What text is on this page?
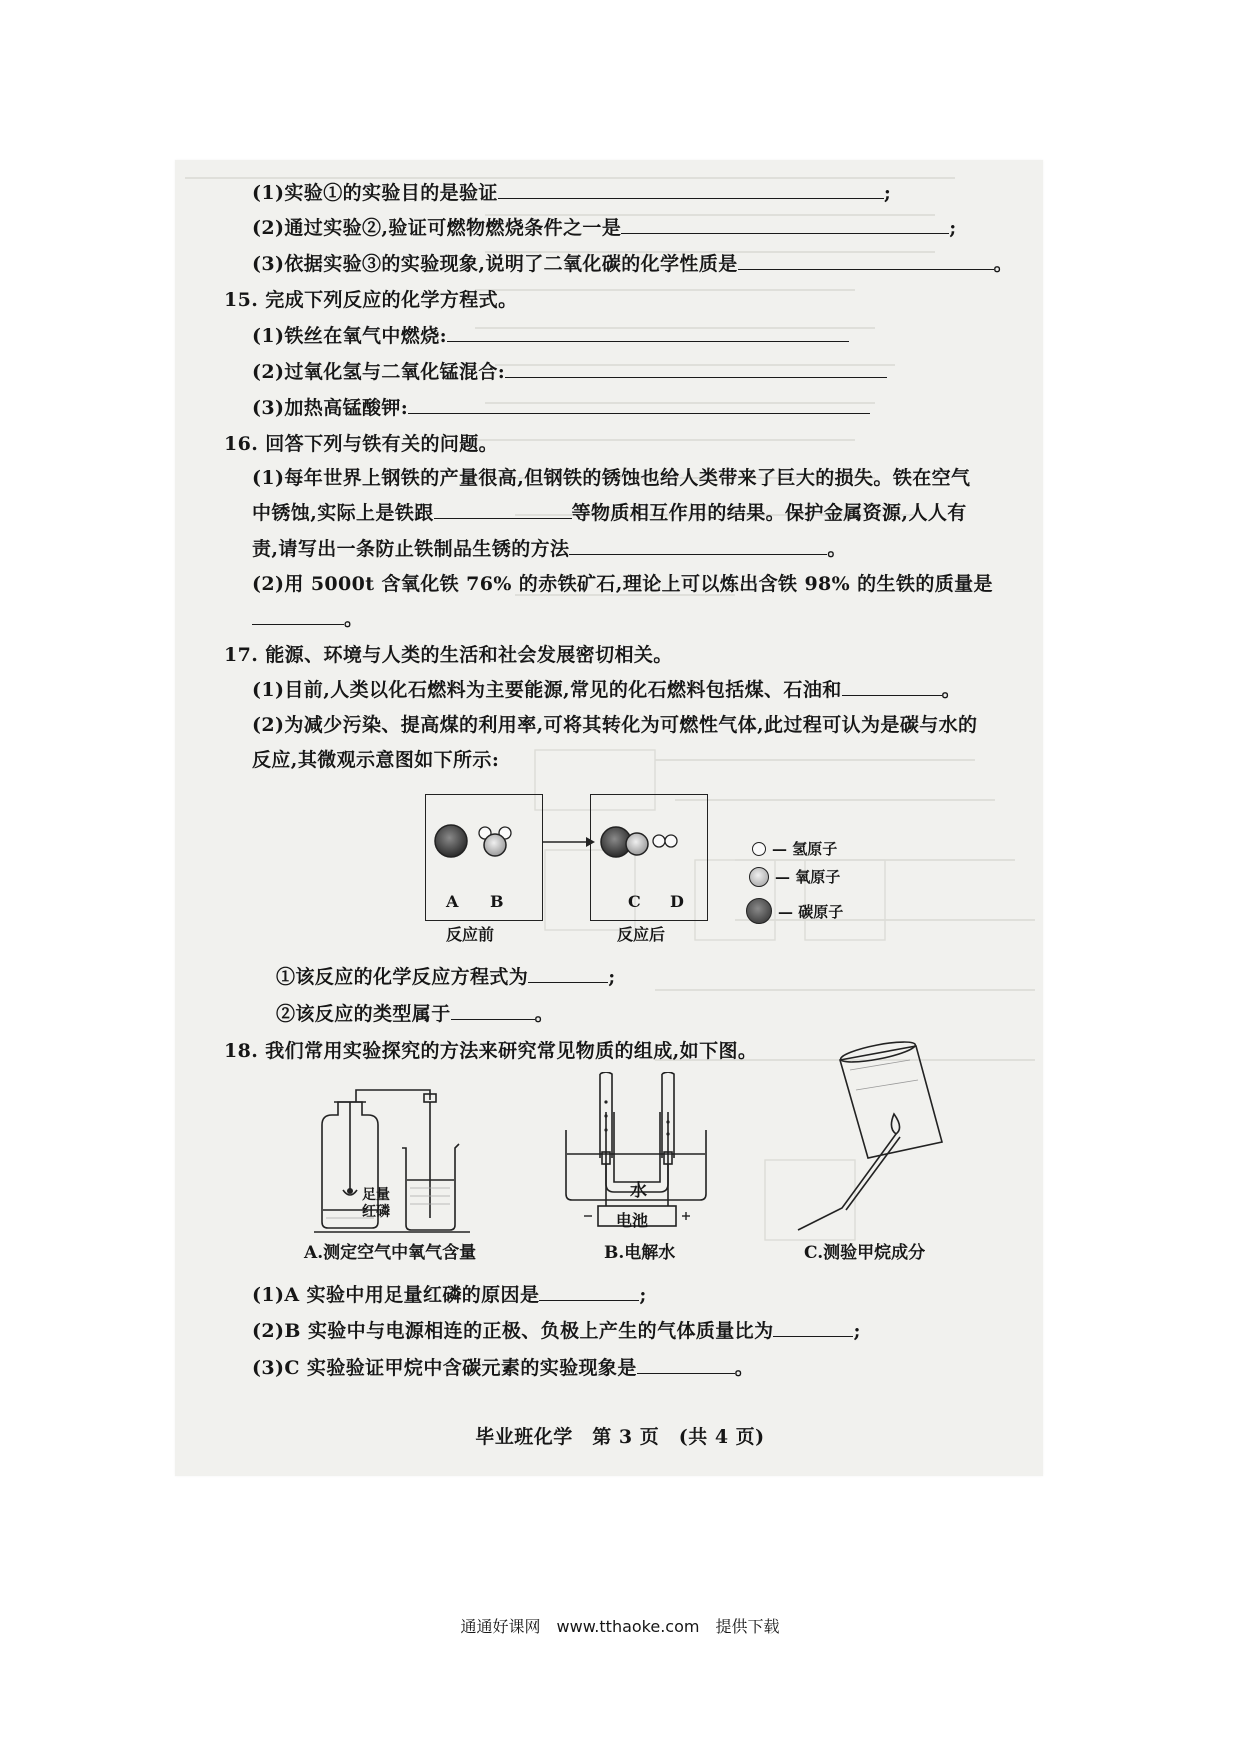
(1)实验①的实验目的是验证	;
(2)通过实验②,验证可燃物燃烧条件之一是	;
(3)依据实验③的实验现象,说明了二氧化碳的化学性质是	。
15. 完成下列反应的化学方程式。
(1)铁丝在氧气中燃烧:
(2)过氧化氢与二氧化锰混合:
(3)加热高锰酸钾:
16. 回答下列与铁有关的问题。
(1)每年世界上钢铁的产量很高,但钢铁的锈蚀也给人类带来了巨大的损失。铁在空气
中锈蚀,实际上是铁跟	等物质相互作用的结果。保护金属资源,人人有
责,请写出一条防止铁制品生锈的方法	。
(2)用 5000t 含氧化铁 76% 的赤铁矿石,理论上可以炼出含铁 98% 的生铁的质量是
。
17. 能源、环境与人类的生活和社会发展密切相关。
(1)目前,人类以化石燃料为主要能源,常见的化石燃料包括煤、石油和	。
(2)为减少污染、提高煤的利用率,可将其转化为可燃性气体,此过程可认为是碳与水的
反应,其微观示意图如下所示:
A B	C D
反应前	反应后
— 氢原子
— 氧原子
— 碳原子
①该反应的化学反应方程式为	;
②该反应的类型属于	。
18. 我们常用实验探究的方法来研究常见物质的组成,如下图。
足量
红磷
A.测定空气中氧气含量
水
电池
B.电解水	C.测验甲烷成分
(1)A 实验中用足量红磷的原因是	;
(2)B 实验中与电源相连的正极、负极上产生的气体质量比为	;
(3)C 实验验证甲烷中含碳元素的实验现象是	。
毕业班化学　第 3 页　(共 4 页)
通通好课网　www.tthaoke.com　提供下载
